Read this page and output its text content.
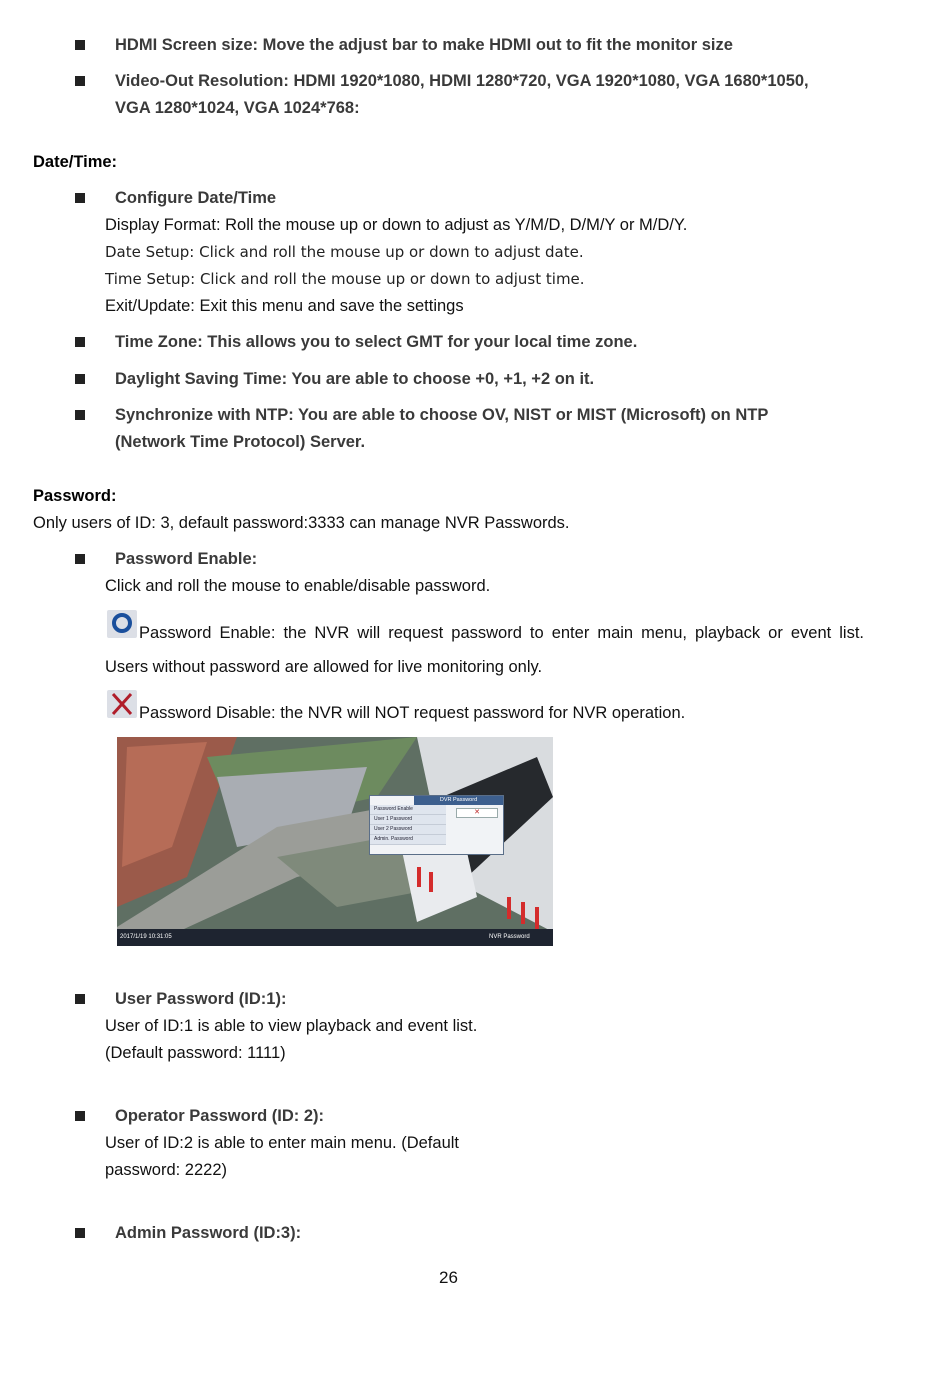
HDMI Screen size: Move the adjust bar to make HDMI out to fit the monitor size
Video-Out Resolution: HDMI 1920*1080, HDMI 1280*720, VGA 1920*1080, VGA 1680*1050,
VGA 1280*1024, VGA 1024*768:
Date/Time:
Configure Date/Time
Display Format: Roll the mouse up or down to adjust as Y/M/D, D/M/Y or M/D/Y.
Date Setup: Click and roll the mouse up or down to adjust date.
Time Setup: Click and roll the mouse up or down to adjust time.
Exit/Update: Exit this menu and save the settings
Time Zone: This allows you to select GMT for your local time zone.
Daylight Saving Time: You are able to choose +0, +1, +2 on it.
Synchronize with NTP: You are able to choose OV, NIST or MIST (Microsoft) on NTP
(Network Time Protocol) Server.
Password:
Only users of ID: 3, default password:3333 can manage NVR Passwords.
Password Enable:
Click and roll the mouse to enable/disable password.
Password Enable: the NVR will request password to enter main menu, playback or event list.
Users without password are allowed for live monitoring only.
Password Disable: the NVR will NOT request password for NVR operation.
DVR Password
Password Enable
User 1 Password
User 2 Password
Admin. Password
✕
2017/1/19 10:31:05	NVR Password
User Password (ID:1):
User of ID:1 is able to view playback and event list.
(Default password: 1111)
Operator Password (ID: 2):
User of ID:2 is able to enter main menu. (Default
password: 2222)
Admin Password (ID:3):
26
